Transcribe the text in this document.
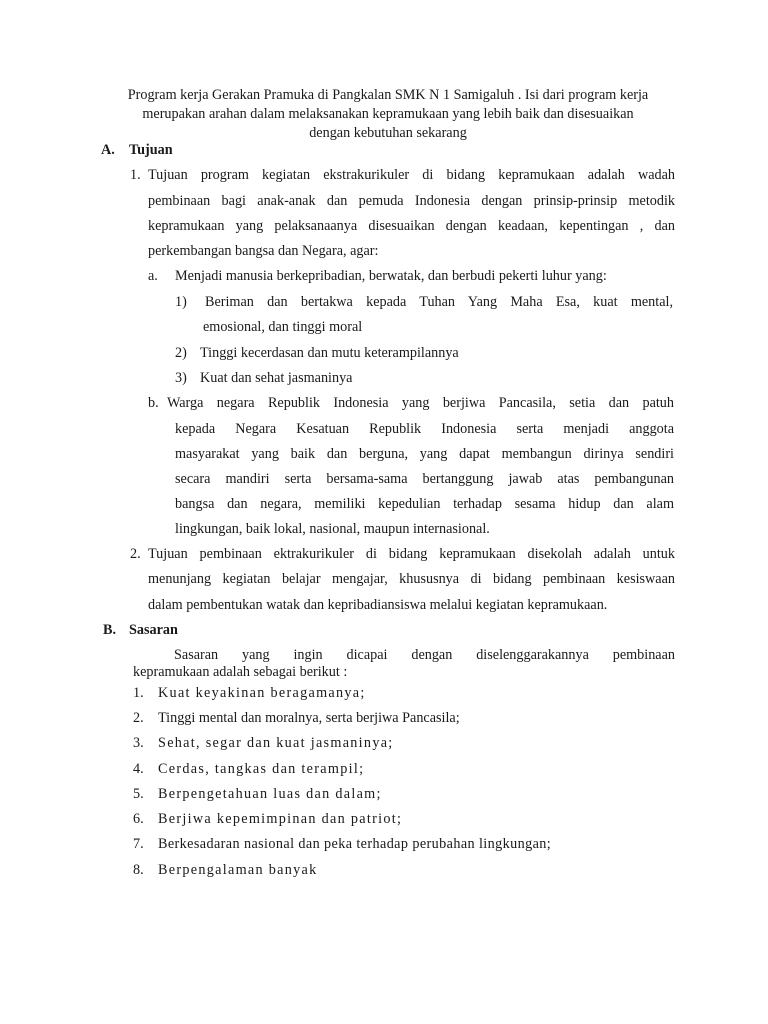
Program kerja Gerakan Pramuka di Pangkalan SMK N 1 Samigaluh . Isi dari program kerja
merupakan arahan dalam melaksanakan kepramukaan yang lebih baik dan disesuaikan
dengan kebutuhan sekarang
A. Tujuan
1. Tujuan program kegiatan ekstrakurikuler di bidang kepramukaan adalah wadah
pembinaan bagi anak-anak dan pemuda Indonesia dengan prinsip-prinsip metodik
kepramukaan yang pelaksanaanya disesuaikan dengan keadaan, kepentingan , dan
perkembangan bangsa dan Negara, agar:
a. Menjadi manusia berkepribadian, berwatak, dan berbudi pekerti luhur yang:
1) Beriman dan bertakwa kepada Tuhan Yang Maha Esa, kuat mental,
emosional, dan tinggi moral
2) Tinggi kecerdasan dan mutu keterampilannya
3) Kuat dan sehat jasmaninya
b. Warga negara Republik Indonesia yang berjiwa Pancasila, setia dan patuh
kepada Negara Kesatuan Republik Indonesia serta menjadi anggota
masyarakat yang baik dan berguna, yang dapat membangun dirinya sendiri
secara mandiri serta bersama-sama bertanggung jawab atas pembangunan
bangsa dan negara, memiliki kepedulian terhadap sesama hidup dan alam
lingkungan, baik lokal, nasional, maupun internasional.
2. Tujuan pembinaan ektrakurikuler di bidang kepramukaan disekolah adalah untuk
menunjang kegiatan belajar mengajar, khususnya di bidang pembinaan kesiswaan
dalam pembentukan watak dan kepribadiansiswa melalui kegiatan kepramukaan.
B. Sasaran
Sasaran yang ingin dicapai dengan diselenggarakannya pembinaan
kepramukaan adalah sebagai berikut :
1. Kuat keyakinan beragamanya;
2. Tinggi mental dan moralnya, serta berjiwa Pancasila;
3. Sehat, segar dan kuat jasmaninya;
4. Cerdas, tangkas dan terampil;
5. Berpengetahuan luas dan dalam;
6. Berjiwa kepemimpinan dan patriot;
7. Berkesadaran nasional dan peka terhadap perubahan lingkungan;
8. Berpengalaman banyak
